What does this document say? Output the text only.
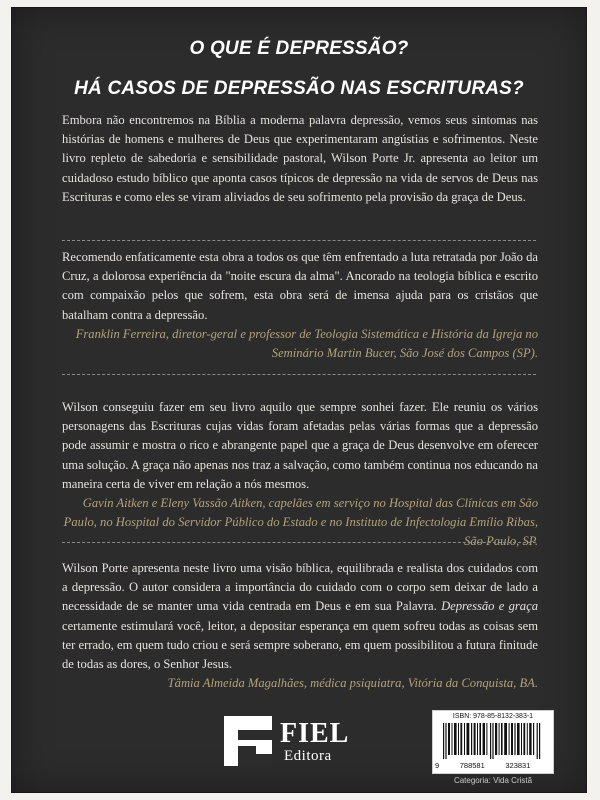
O QUE É DEPRESSÃO?
HÁ CASOS DE DEPRESSÃO NAS ESCRITURAS?
Embora não encontremos na Bíblia a moderna palavra depressão, vemos seus sintomas nas histórias de homens e mulheres de Deus que experimentaram angústias e sofrimentos. Neste livro repleto de sabedoria e sensibilidade pastoral, Wilson Porte Jr. apresenta ao leitor um cuidadoso estudo bíblico que aponta casos típicos de depressão na vida de servos de Deus nas Escrituras e como eles se viram aliviados de seu sofrimento pela provisão da graça de Deus.
Recomendo enfaticamente esta obra a todos os que têm enfrentado a luta retratada por João da Cruz, a dolorosa experiência da "noite escura da alma". Ancorado na teologia bíblica e escrito com compaixão pelos que sofrem, esta obra será de imensa ajuda para os cristãos que batalham contra a depressão.
Franklin Ferreira, diretor-geral e professor de Teologia Sistemática e História da Igreja no Seminário Martin Bucer, São José dos Campos (SP).
Wilson conseguiu fazer em seu livro aquilo que sempre sonhei fazer. Ele reuniu os vários personagens das Escrituras cujas vidas foram afetadas pelas várias formas que a depressão pode assumir e mostra o rico e abrangente papel que a graça de Deus desenvolve em oferecer uma solução. A graça não apenas nos traz a salvação, como também continua nos educando na maneira certa de viver em relação a nós mesmos.
Gavin Aitken e Eleny Vassão Aitken, capelães em serviço no Hospital das Clínicas em São Paulo, no Hospital do Servidor Público do Estado e no Instituto de Infectologia Emílio Ribas, São Paulo, SP.
Wilson Porte apresenta neste livro uma visão bíblica, equilibrada e realista dos cuidados com a depressão. O autor considera a importância do cuidado com o corpo sem deixar de lado a necessidade de se manter uma vida centrada em Deus e em sua Palavra. Depressão e graça certamente estimulará você, leitor, a depositar esperança em quem sofreu todas as coisas sem ter errado, em quem tudo criou e será sempre soberano, em quem possibilitou a futura finitude de todas as dores, o Senhor Jesus.
Tâmia Almeida Magalhães, médica psiquiatra, Vitória da Conquista, BA.
FIEL
Editora
ISBN: 978-85-8132-383-1
9	788581	323831
Categoria: Vida Cristã
